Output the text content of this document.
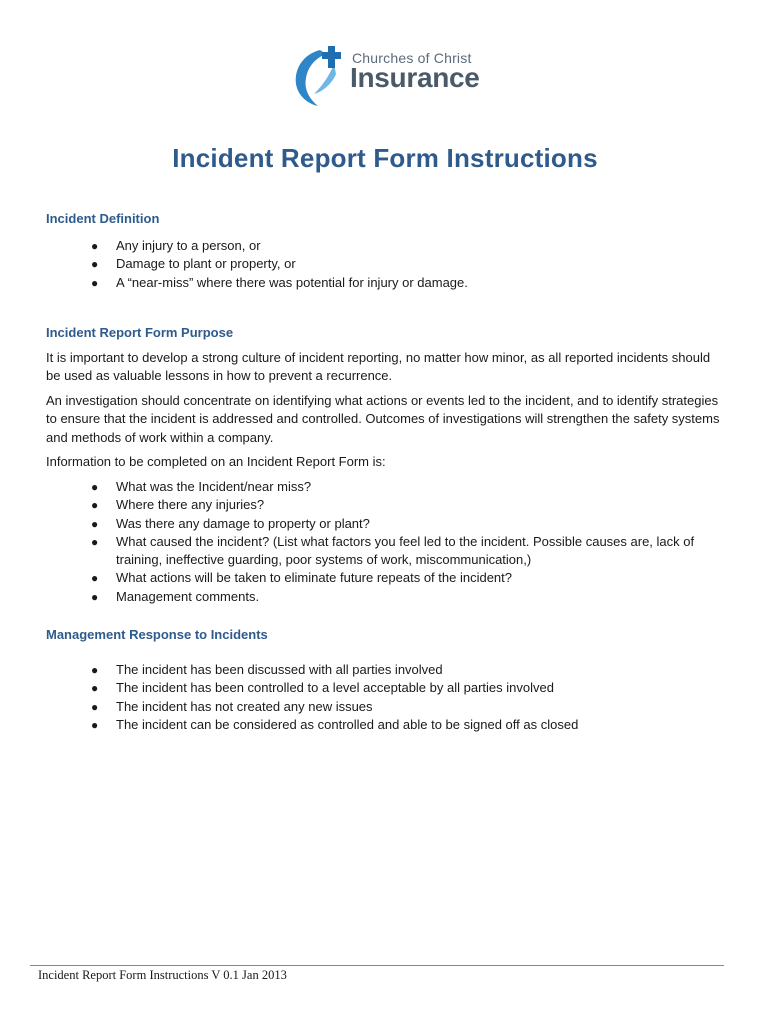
Churches of Christ
Insurance
Incident Report Form Instructions
Incident Definition
● Any injury to a person, or
● Damage to plant or property, or
● A “near-miss” where there was potential for injury or damage.
Incident Report Form Purpose
It is important to develop a strong culture of incident reporting, no matter how minor, as all reported incidents should be used as valuable lessons in how to prevent a recurrence.
An investigation should concentrate on identifying what actions or events led to the incident, and to identify strategies to ensure that the incident is addressed and controlled. Outcomes of investigations will strengthen the safety systems and methods of work within a company.
Information to be completed on an Incident Report Form is:
● What was the Incident/near miss?
● Where there any injuries?
● Was there any damage to property or plant?
● What caused the incident? (List what factors you feel led to the incident. Possible causes are, lack of training, ineffective guarding, poor systems of work, miscommunication,)
● What actions will be taken to eliminate future repeats of the incident?
● Management comments.
Management Response to Incidents
● The incident has been discussed with all parties involved
● The incident has been controlled to a level acceptable by all parties involved
● The incident has not created any new issues
● The incident can be considered as controlled and able to be signed off as closed
Incident Report Form Instructions V 0.1 Jan 2013
